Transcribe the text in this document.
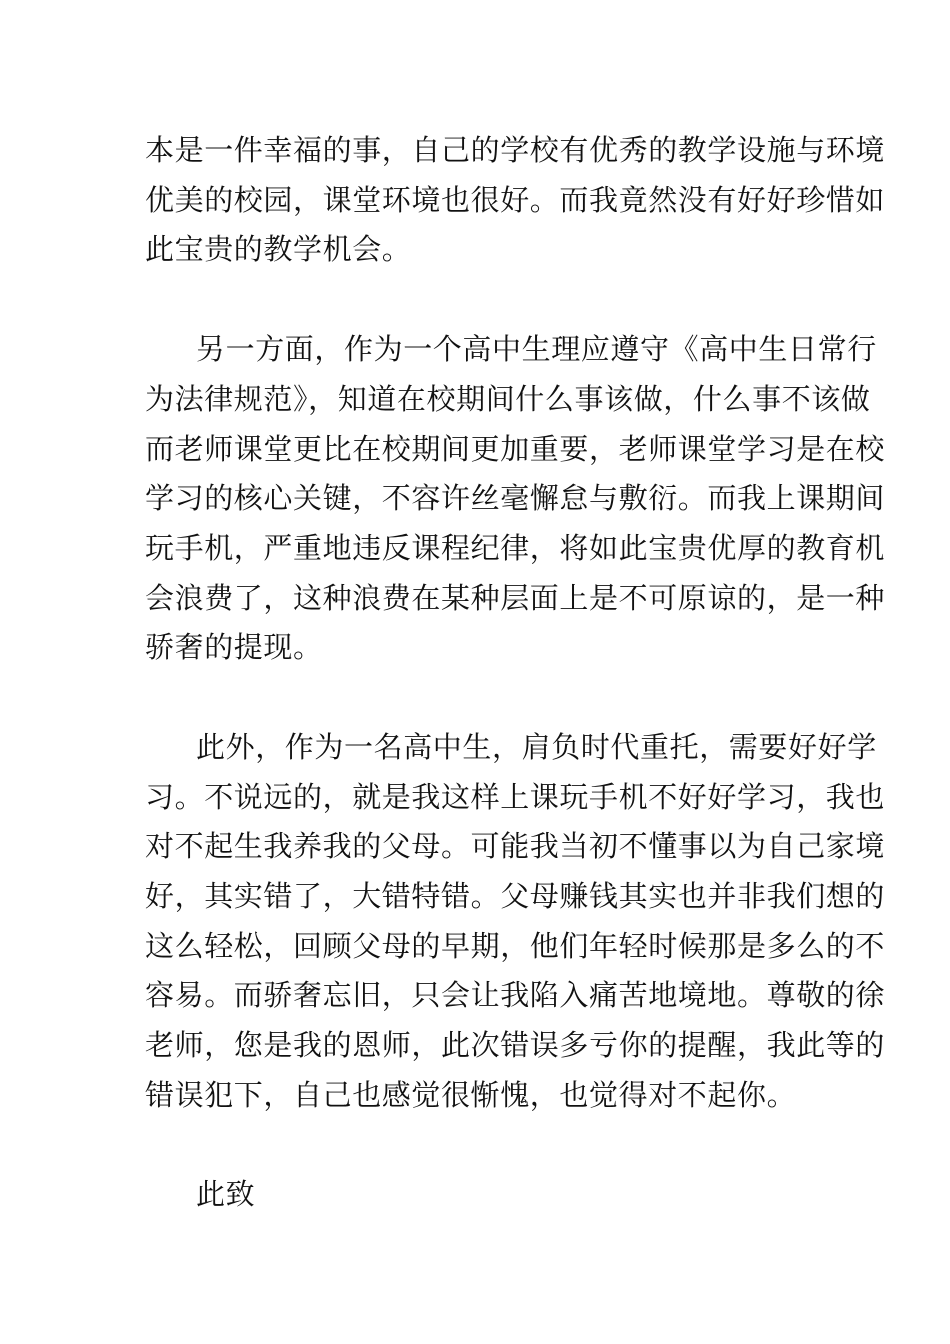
本是一件幸福的事，自己的学校有优秀的教学设施与环境
优美的校园，课堂环境也很好。而我竟然没有好好珍惜如
此宝贵的教学机会。
另一方面，作为一个高中生理应遵守《高中生日常行
为法律规范》，知道在校期间什么事该做，什么事不该做
而老师课堂更比在校期间更加重要，老师课堂学习是在校
学习的核心关键，不容许丝毫懈怠与敷衍。而我上课期间
玩手机，严重地违反课程纪律，将如此宝贵优厚的教育机
会浪费了，这种浪费在某种层面上是不可原谅的，是一种
骄奢的提现。
此外，作为一名高中生，肩负时代重托，需要好好学
习。不说远的，就是我这样上课玩手机不好好学习，我也
对不起生我养我的父母。可能我当初不懂事以为自己家境
好，其实错了，大错特错。父母赚钱其实也并非我们想的
这么轻松，回顾父母的早期，他们年轻时候那是多么的不
容易。而骄奢忘旧，只会让我陷入痛苦地境地。尊敬的徐
老师，您是我的恩师，此次错误多亏你的提醒，我此等的
错误犯下，自己也感觉很惭愧，也觉得对不起你。
此致
